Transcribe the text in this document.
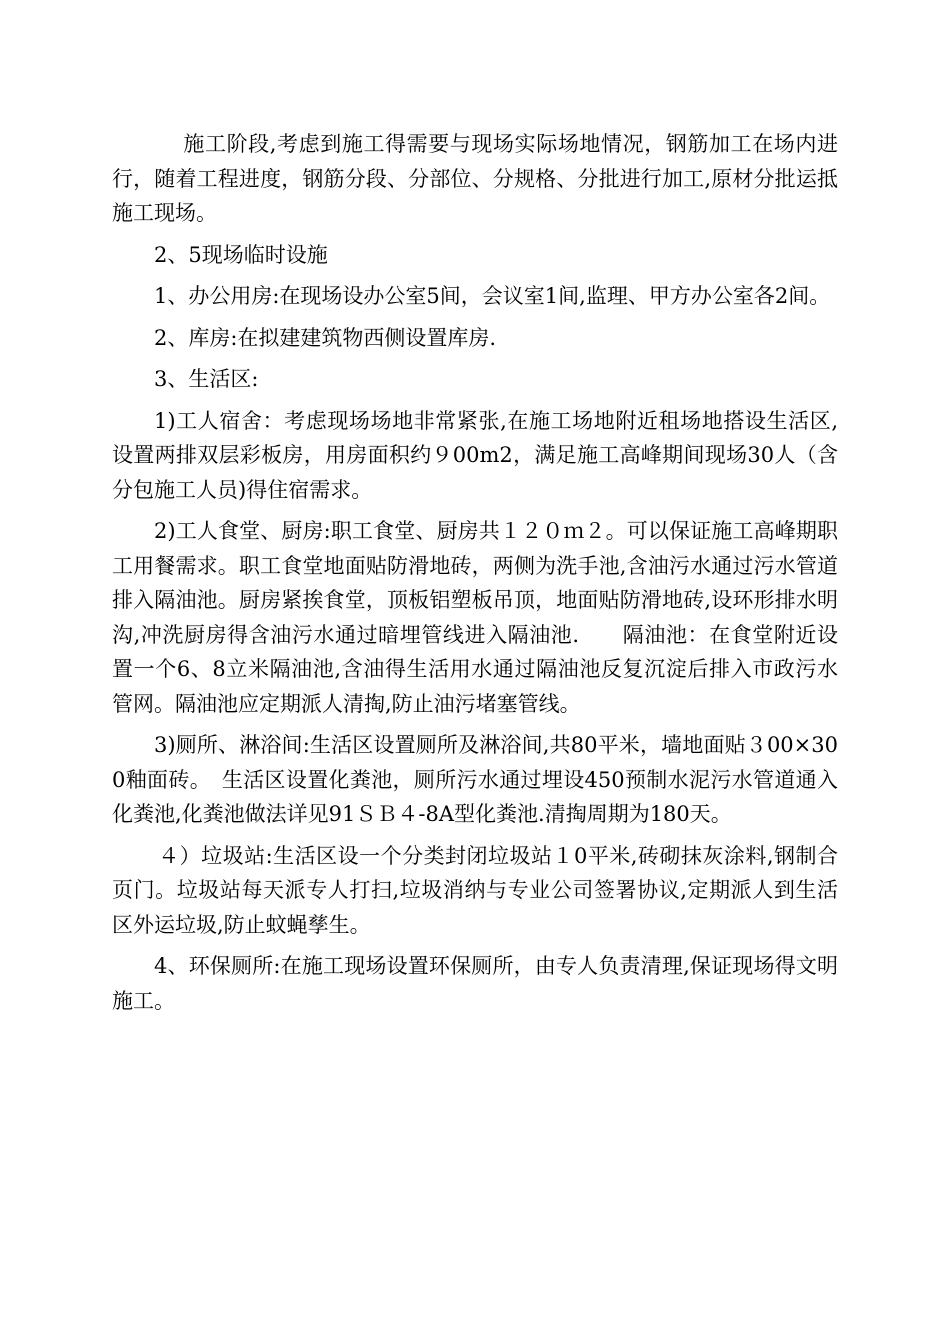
施工阶段,考虑到施工得需要与现场实际场地情况，钢筋加工在场内进行，随着工程进度，钢筋分段、分部位、分规格、分批进行加工,原材分批运抵施工现场。

2、5现场临时设施

1、办公用房:在现场设办公室5间，会议室1间,监理、甲方办公室各2间。

2、库房:在拟建建筑物西侧设置库房.

3、生活区:

1)工人宿舍：考虑现场场地非常紧张,在施工场地附近租场地搭设生活区,设置两排双层彩板房，用房面积约９00m2，满足施工高峰期间现场30人（含分包施工人员)得住宿需求。

2)工人食堂、厨房:职工食堂、厨房共１２０ｍ２。可以保证施工高峰期职工用餐需求。职工食堂地面贴防滑地砖，两侧为洗手池,含油污水通过污水管道排入隔油池。厨房紧挨食堂，顶板铝塑板吊顶，地面贴防滑地砖,设环形排水明沟,冲洗厨房得含油污水通过暗埋管线进入隔油池.　　隔油池：在食堂附近设置一个6、8立米隔油池,含油得生活用水通过隔油池反复沉淀后排入市政污水管网。隔油池应定期派人清掏,防止油污堵塞管线。

3)厕所、淋浴间:生活区设置厕所及淋浴间,共80平米，墙地面贴３00×300釉面砖。　生活区设置化粪池，厕所污水通过埋设450预制水泥污水管道通入化粪池,化粪池做法详见91ＳＢ４-8A型化粪池.清掏周期为180天。

４）垃圾站:生活区设一个分类封闭垃圾站１0平米,砖砌抹灰涂料,钢制合页门。垃圾站每天派专人打扫,垃圾消纳与专业公司签署协议,定期派人到生活区外运垃圾,防止蚊蝇孳生。

4、环保厕所:在施工现场设置环保厕所，由专人负责清理,保证现场得文明施工。
